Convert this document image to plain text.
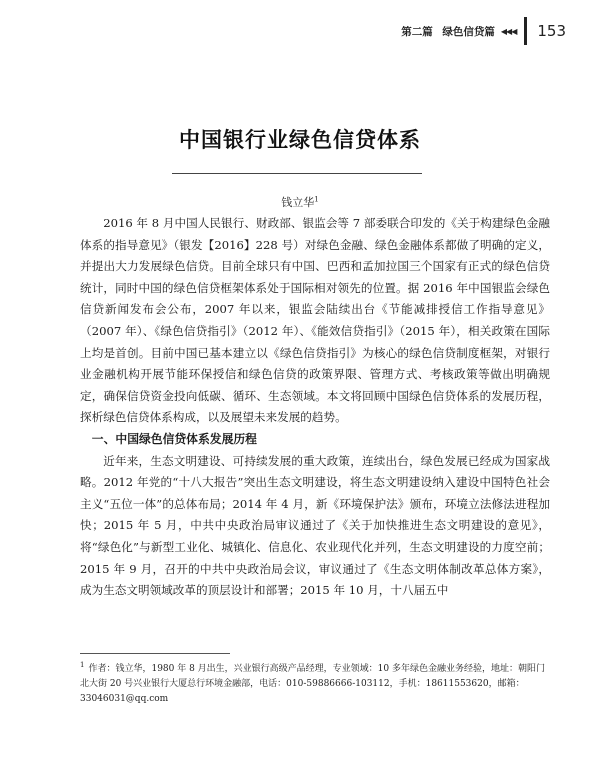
第二篇 绿色信贷篇 ◀◀◀ 153
中国银行业绿色信贷体系
钱立华$^1$

2016 年 8 月中国人民银行、财政部、银监会等 7 部委联合印发的《关于构建绿色金融体系的指导意见》（银发【2016】228 号）对绿色金融、绿色金融体系都做了明确的定义，并提出大力发展绿色信贷。目前全球只有中国、巴西和孟加拉国三个国家有正式的绿色信贷统计，同时中国的绿色信贷框架体系处于国际相对领先的位置。据 2016 年中国银监会绿色信贷新闻发布会公布，2007 年以来，银监会陆续出台《节能减排授信工作指导意见》（2007 年）、《绿色信贷指引》（2012 年）、《能效信贷指引》（2015 年），相关政策在国际上均是首创。目前中国已基本建立以《绿色信贷指引》为核心的绿色信贷制度框架，对银行业金融机构开展节能环保授信和绿色信贷的政策界限、管理方式、考核政策等做出明确规定，确保信贷资金投向低碳、循环、生态领域。本文将回顾中国绿色信贷体系的发展历程，探析绿色信贷体系构成，以及展望未来发展的趋势。

一、中国绿色信贷体系发展历程

近年来，生态文明建设、可持续发展的重大政策，连续出台，绿色发展已经成为国家战略。2012 年党的“十八大报告”突出生态文明建设，将生态文明建设纳入建设中国特色社会主义“五位一体”的总体布局；2014 年 4 月，新《环境保护法》颁布，环境立法修法进程加快；2015 年 5 月，中共中央政治局审议通过了《关于加快推进生态文明建设的意见》，将“绿色化”与新型工业化、城镇化、信息化、农业现代化并列，生态文明建设的力度空前；2015 年 9 月，召开的中共中央政治局会议，审议通过了《生态文明体制改革总体方案》，成为生态文明领域改革的顶层设计和部署；2015 年 10 月，十八届五中

$^1$ 作者：钱立华，1980 年 8 月出生，兴业银行高级产品经理，专业领域：10 多年绿色金融业务经验，地址：朝阳门北大街 20 号兴业银行大厦总行环境金融部，电话：010-59886666-103112，手机：18611553620，邮箱：33046031@qq.com
